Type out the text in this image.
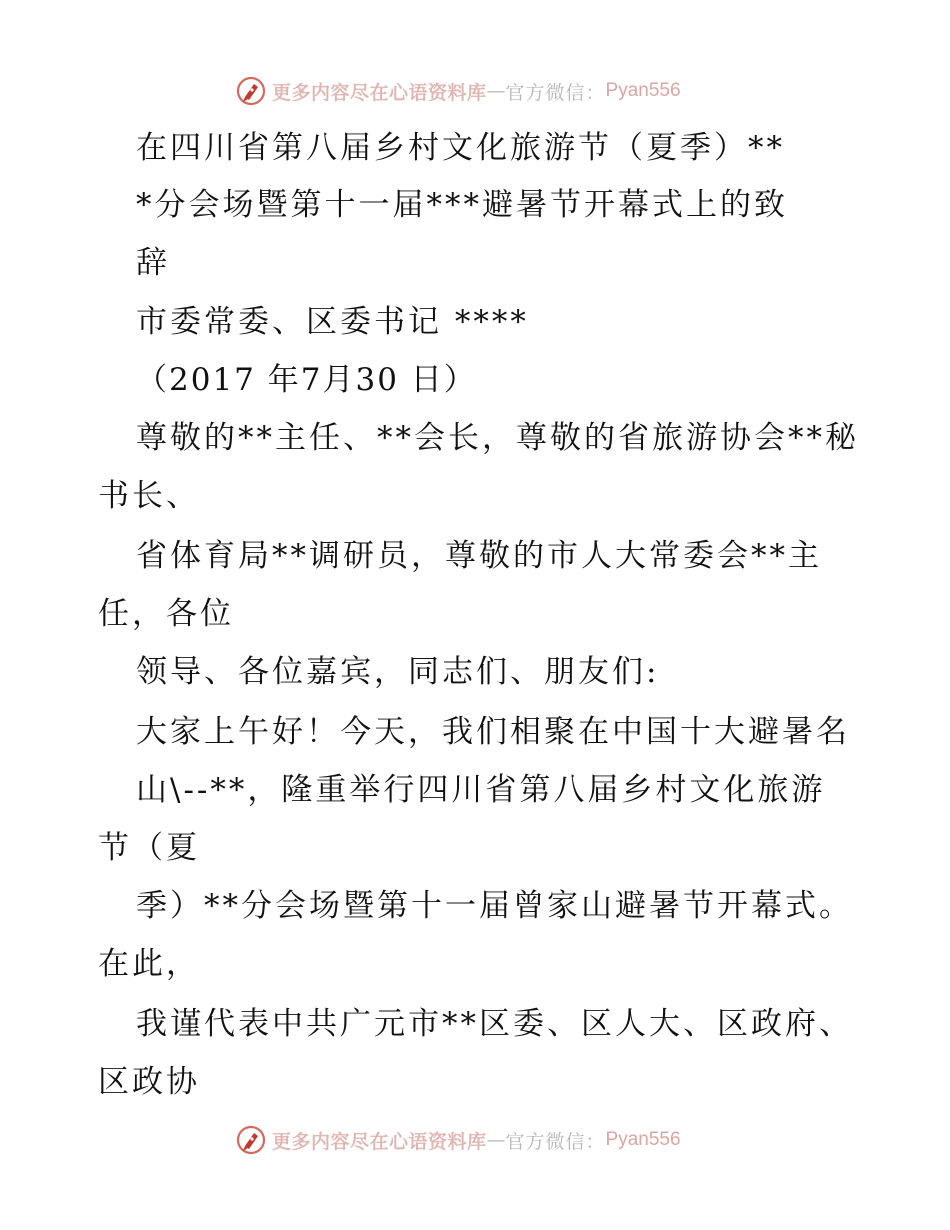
更多内容尽在心语资料库 — 官方微信： Pyan556
在四川省第八届乡村文化旅游节（夏季）**
*分会场暨第十一届***避暑节开幕式上的致
辞
市委常委、区委书记 ****
（2017 年7月30 日）
尊敬的**主任、**会长，尊敬的省旅游协会**秘
书长、
省体育局**调研员，尊敬的市人大常委会**主
任，各位
领导、各位嘉宾，同志们、朋友们:
大家上午好！今天，我们相聚在中国十大避暑名
山\--**，隆重举行四川省第八届乡村文化旅游
节（夏
季）**分会场暨第十一届曾家山避暑节开幕式。
在此，
我谨代表中共广元市**区委、区人大、区政府、
区政协
更多内容尽在心语资料库 — 官方微信： Pyan556
